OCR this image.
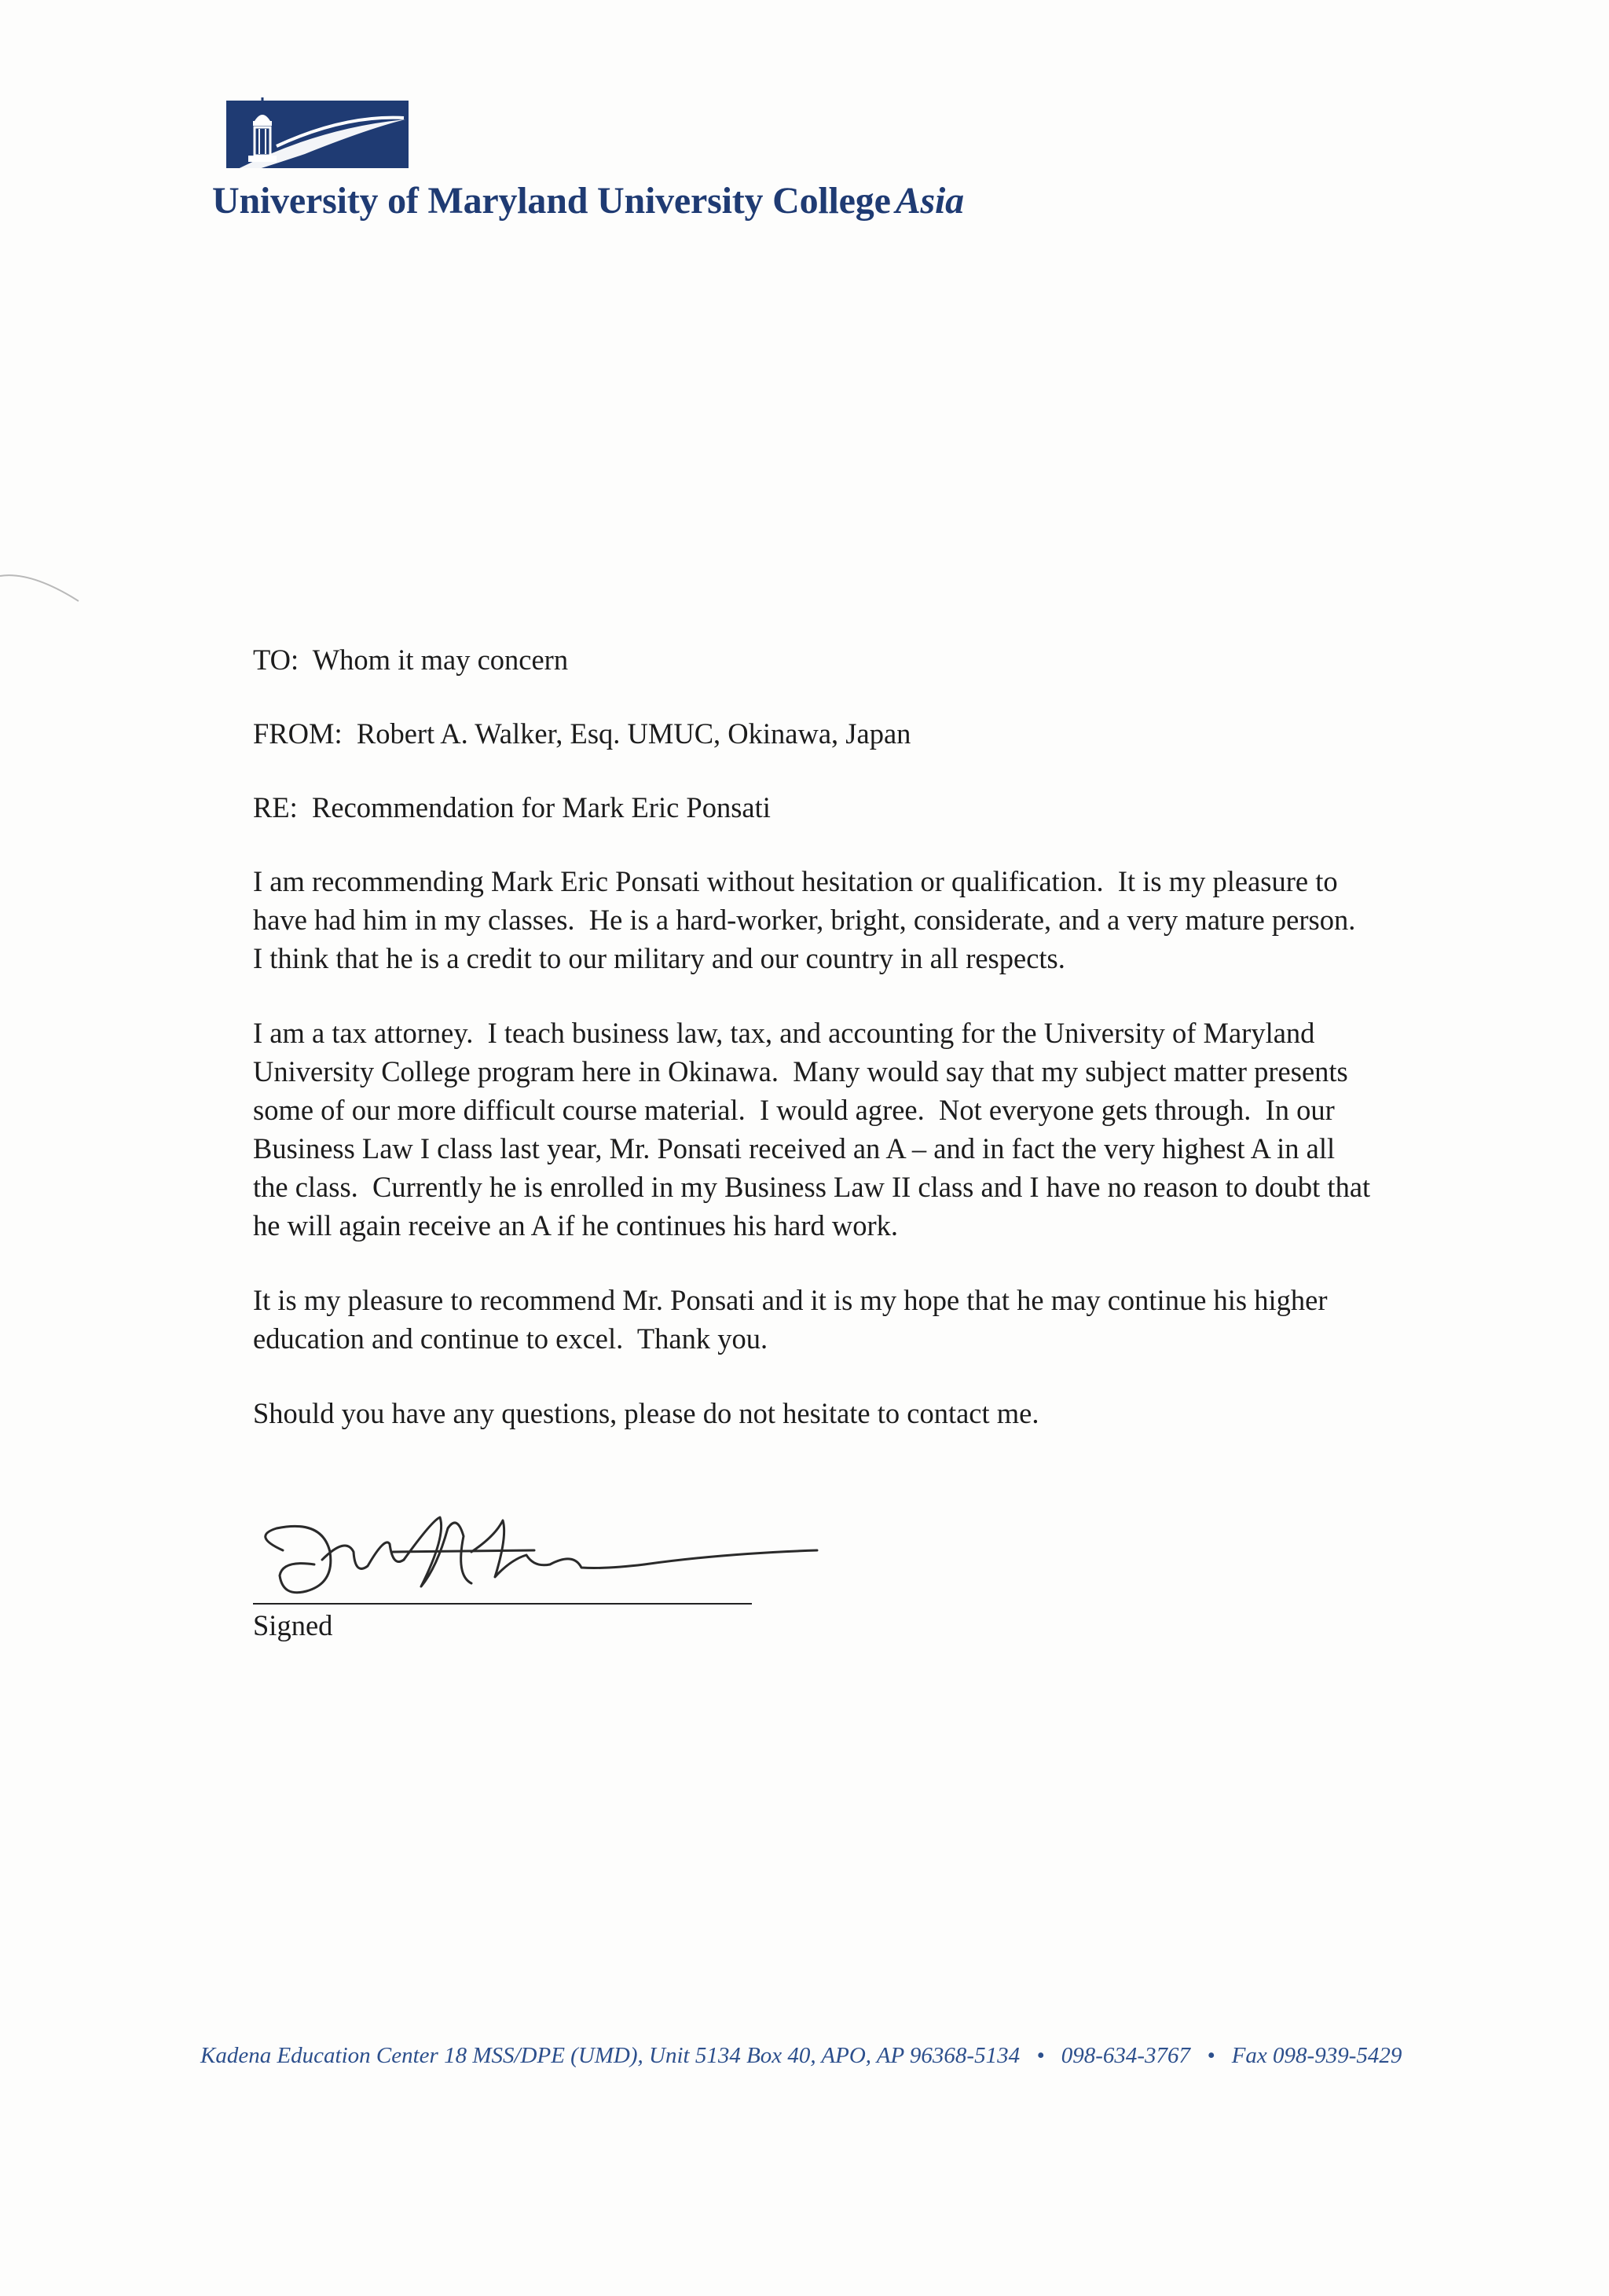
University of Maryland University College Asia

TO: Whom it may concern

FROM: Robert A. Walker, Esq. UMUC, Okinawa, Japan

RE: Recommendation for Mark Eric Ponsati

I am recommending Mark Eric Ponsati without hesitation or qualification.  It is my pleasure to
have had him in my classes.  He is a hard-worker, bright, considerate, and a very mature person.
I think that he is a credit to our military and our country in all respects.
I am a tax attorney.  I teach business law, tax, and accounting for the University of Maryland
University College program here in Okinawa.  Many would say that my subject matter presents
some of our more difficult course material.  I would agree.  Not everyone gets through.  In our
Business Law I class last year, Mr. Ponsati received an A – and in fact the very highest A in all
the class.  Currently he is enrolled in my Business Law II class and I have no reason to doubt that
he will again receive an A if he continues his hard work.
It is my pleasure to recommend Mr. Ponsati and it is my hope that he may continue his higher
education and continue to excel.  Thank you.
Should you have any questions, please do not hesitate to contact me.
Signed
Kadena Education Center 18 MSS/DPE (UMD), Unit 5134 Box 40, APO, AP 96368-5134 • 098-634-3767 • Fax 098-939-5429
